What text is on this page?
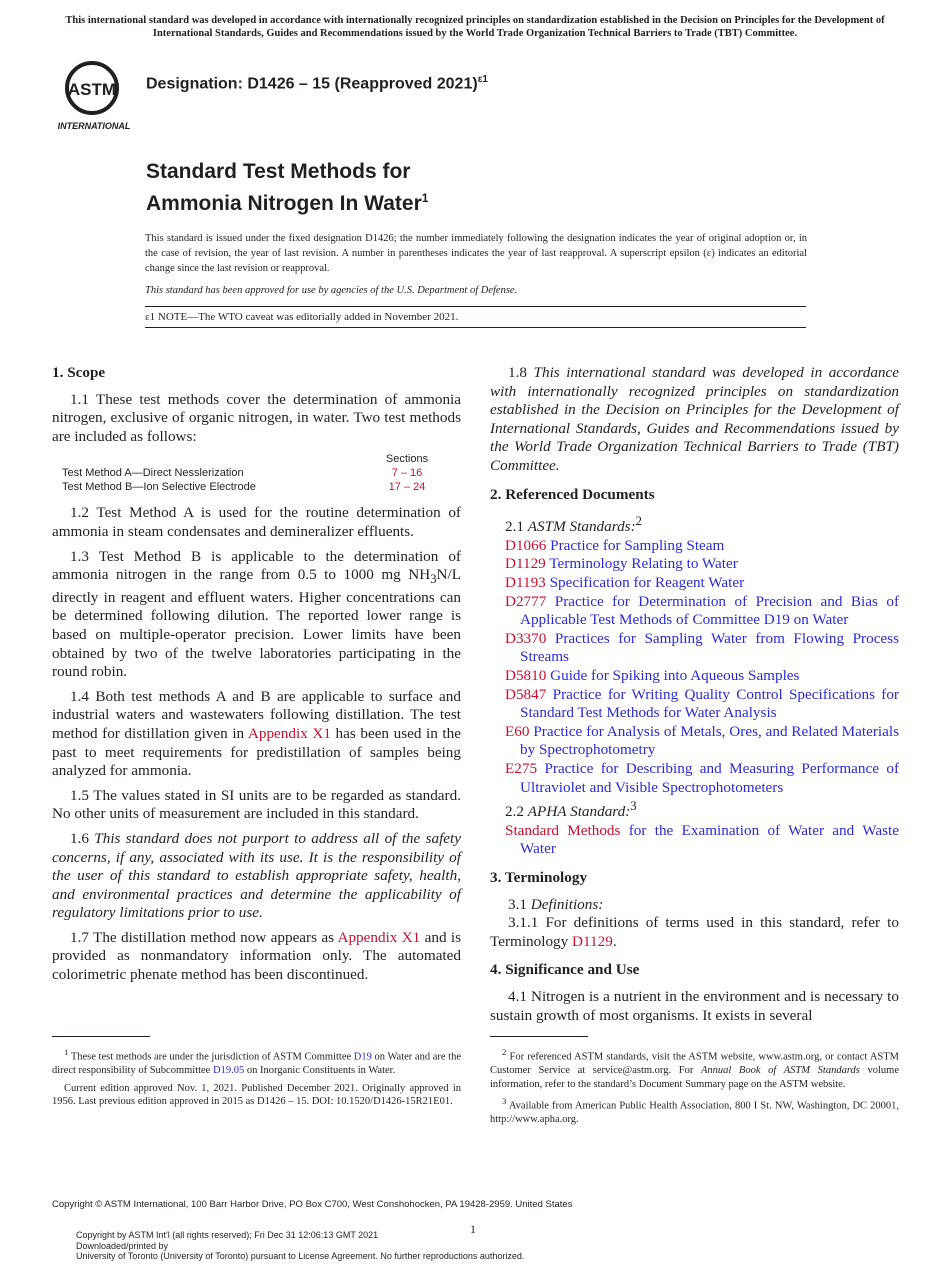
This international standard was developed in accordance with internationally recognized principles on standardization established in the Decision on Principles for the Development of International Standards, Guides and Recommendations issued by the World Trade Organization Technical Barriers to Trade (TBT) Committee.
ASTM
INTERNATIONAL
Designation: D1426 – 15 (Reapproved 2021)$^{\varepsilon 1}$
Standard Test Methods for
Ammonia Nitrogen In Water$^1$
This standard is issued under the fixed designation D1426; the number immediately following the designation indicates the year of original adoption or, in the case of revision, the year of last revision. A number in parentheses indicates the year of last reapproval. A superscript epsilon (ε) indicates an editorial change since the last revision or reapproval.
This standard has been approved for use by agencies of the U.S. Department of Defense.
ε1 NOTE—The WTO caveat was editorially added in November 2021.
1. Scope

1.1 These test methods cover the determination of ammonia nitrogen, exclusive of organic nitrogen, in water. Two test methods are included as follows:

	Sections
Test Method A—Direct Nesslerization	7 – 16
Test Method B—Ion Selective Electrode	17 – 24

1.2 Test Method A is used for the routine determination of ammonia in steam condensates and demineralizer effluents.

1.3 Test Method B is applicable to the determination of ammonia nitrogen in the range from 0.5 to 1000 mg $NH_3N/L$ directly in reagent and effluent waters. Higher concentrations can be determined following dilution. The reported lower range is based on multiple-operator precision. Lower limits have been obtained by two of the twelve laboratories participating in the round robin.

1.4 Both test methods A and B are applicable to surface and industrial waters and wastewaters following distillation. The test method for distillation given in Appendix X1 has been used in the past to meet requirements for predistillation of samples being analyzed for ammonia.

1.5 The values stated in SI units are to be regarded as standard. No other units of measurement are included in this standard.

1.6 This standard does not purport to address all of the safety concerns, if any, associated with its use. It is the responsibility of the user of this standard to establish appropriate safety, health, and environmental practices and determine the applicability of regulatory limitations prior to use.

1.7 The distillation method now appears as Appendix X1 and is provided as nonmandatory information only. The automated colorimetric phenate method has been discontinued.

1.8 This international standard was developed in accordance with internationally recognized principles on standardization established in the Decision on Principles for the Development of International Standards, Guides and Recommendations issued by the World Trade Organization Technical Barriers to Trade (TBT) Committee.

2. Referenced Documents
2.1 ASTM Standards:$^2$
D1066 Practice for Sampling Steam
D1129 Terminology Relating to Water
D1193 Specification for Reagent Water
D2777 Practice for Determination of Precision and Bias of Applicable Test Methods of Committee D19 on Water
D3370 Practices for Sampling Water from Flowing Process Streams
D5810 Guide for Spiking into Aqueous Samples
D5847 Practice for Writing Quality Control Specifications for Standard Test Methods for Water Analysis
E60 Practice for Analysis of Metals, Ores, and Related Materials by Spectrophotometry
E275 Practice for Describing and Measuring Performance of Ultraviolet and Visible Spectrophotometers
2.2 APHA Standard:$^3$
Standard Methods for the Examination of Water and Waste Water
3. Terminology

3.1 Definitions:

3.1.1 For definitions of terms used in this standard, refer to Terminology D1129.

4. Significance and Use

4.1 Nitrogen is a nutrient in the environment and is necessary to sustain growth of most organisms. It exists in several

$^1$ These test methods are under the jurisdiction of ASTM Committee D19 on Water and are the direct responsibility of Subcommittee D19.05 on Inorganic Constituents in Water.

Current edition approved Nov. 1, 2021. Published December 2021. Originally approved in 1956. Last previous edition approved in 2015 as D1426 – 15. DOI: 10.1520/D1426-15R21E01.

$^2$ For referenced ASTM standards, visit the ASTM website, www.astm.org, or contact ASTM Customer Service at service@astm.org. For Annual Book of ASTM Standards volume information, refer to the standard’s Document Summary page on the ASTM website.

$^3$ Available from American Public Health Association, 800 I St. NW, Washington, DC 20001, http://www.apha.org.

Copyright © ASTM International, 100 Barr Harbor Drive, PO Box C700, West Conshohocken, PA 19428-2959. United States
1
Copyright by ASTM Int'l (all rights reserved); Fri Dec 31 12:06:13 GMT 2021
Downloaded/printed by
University of Toronto (University of Toronto) pursuant to License Agreement. No further reproductions authorized.
